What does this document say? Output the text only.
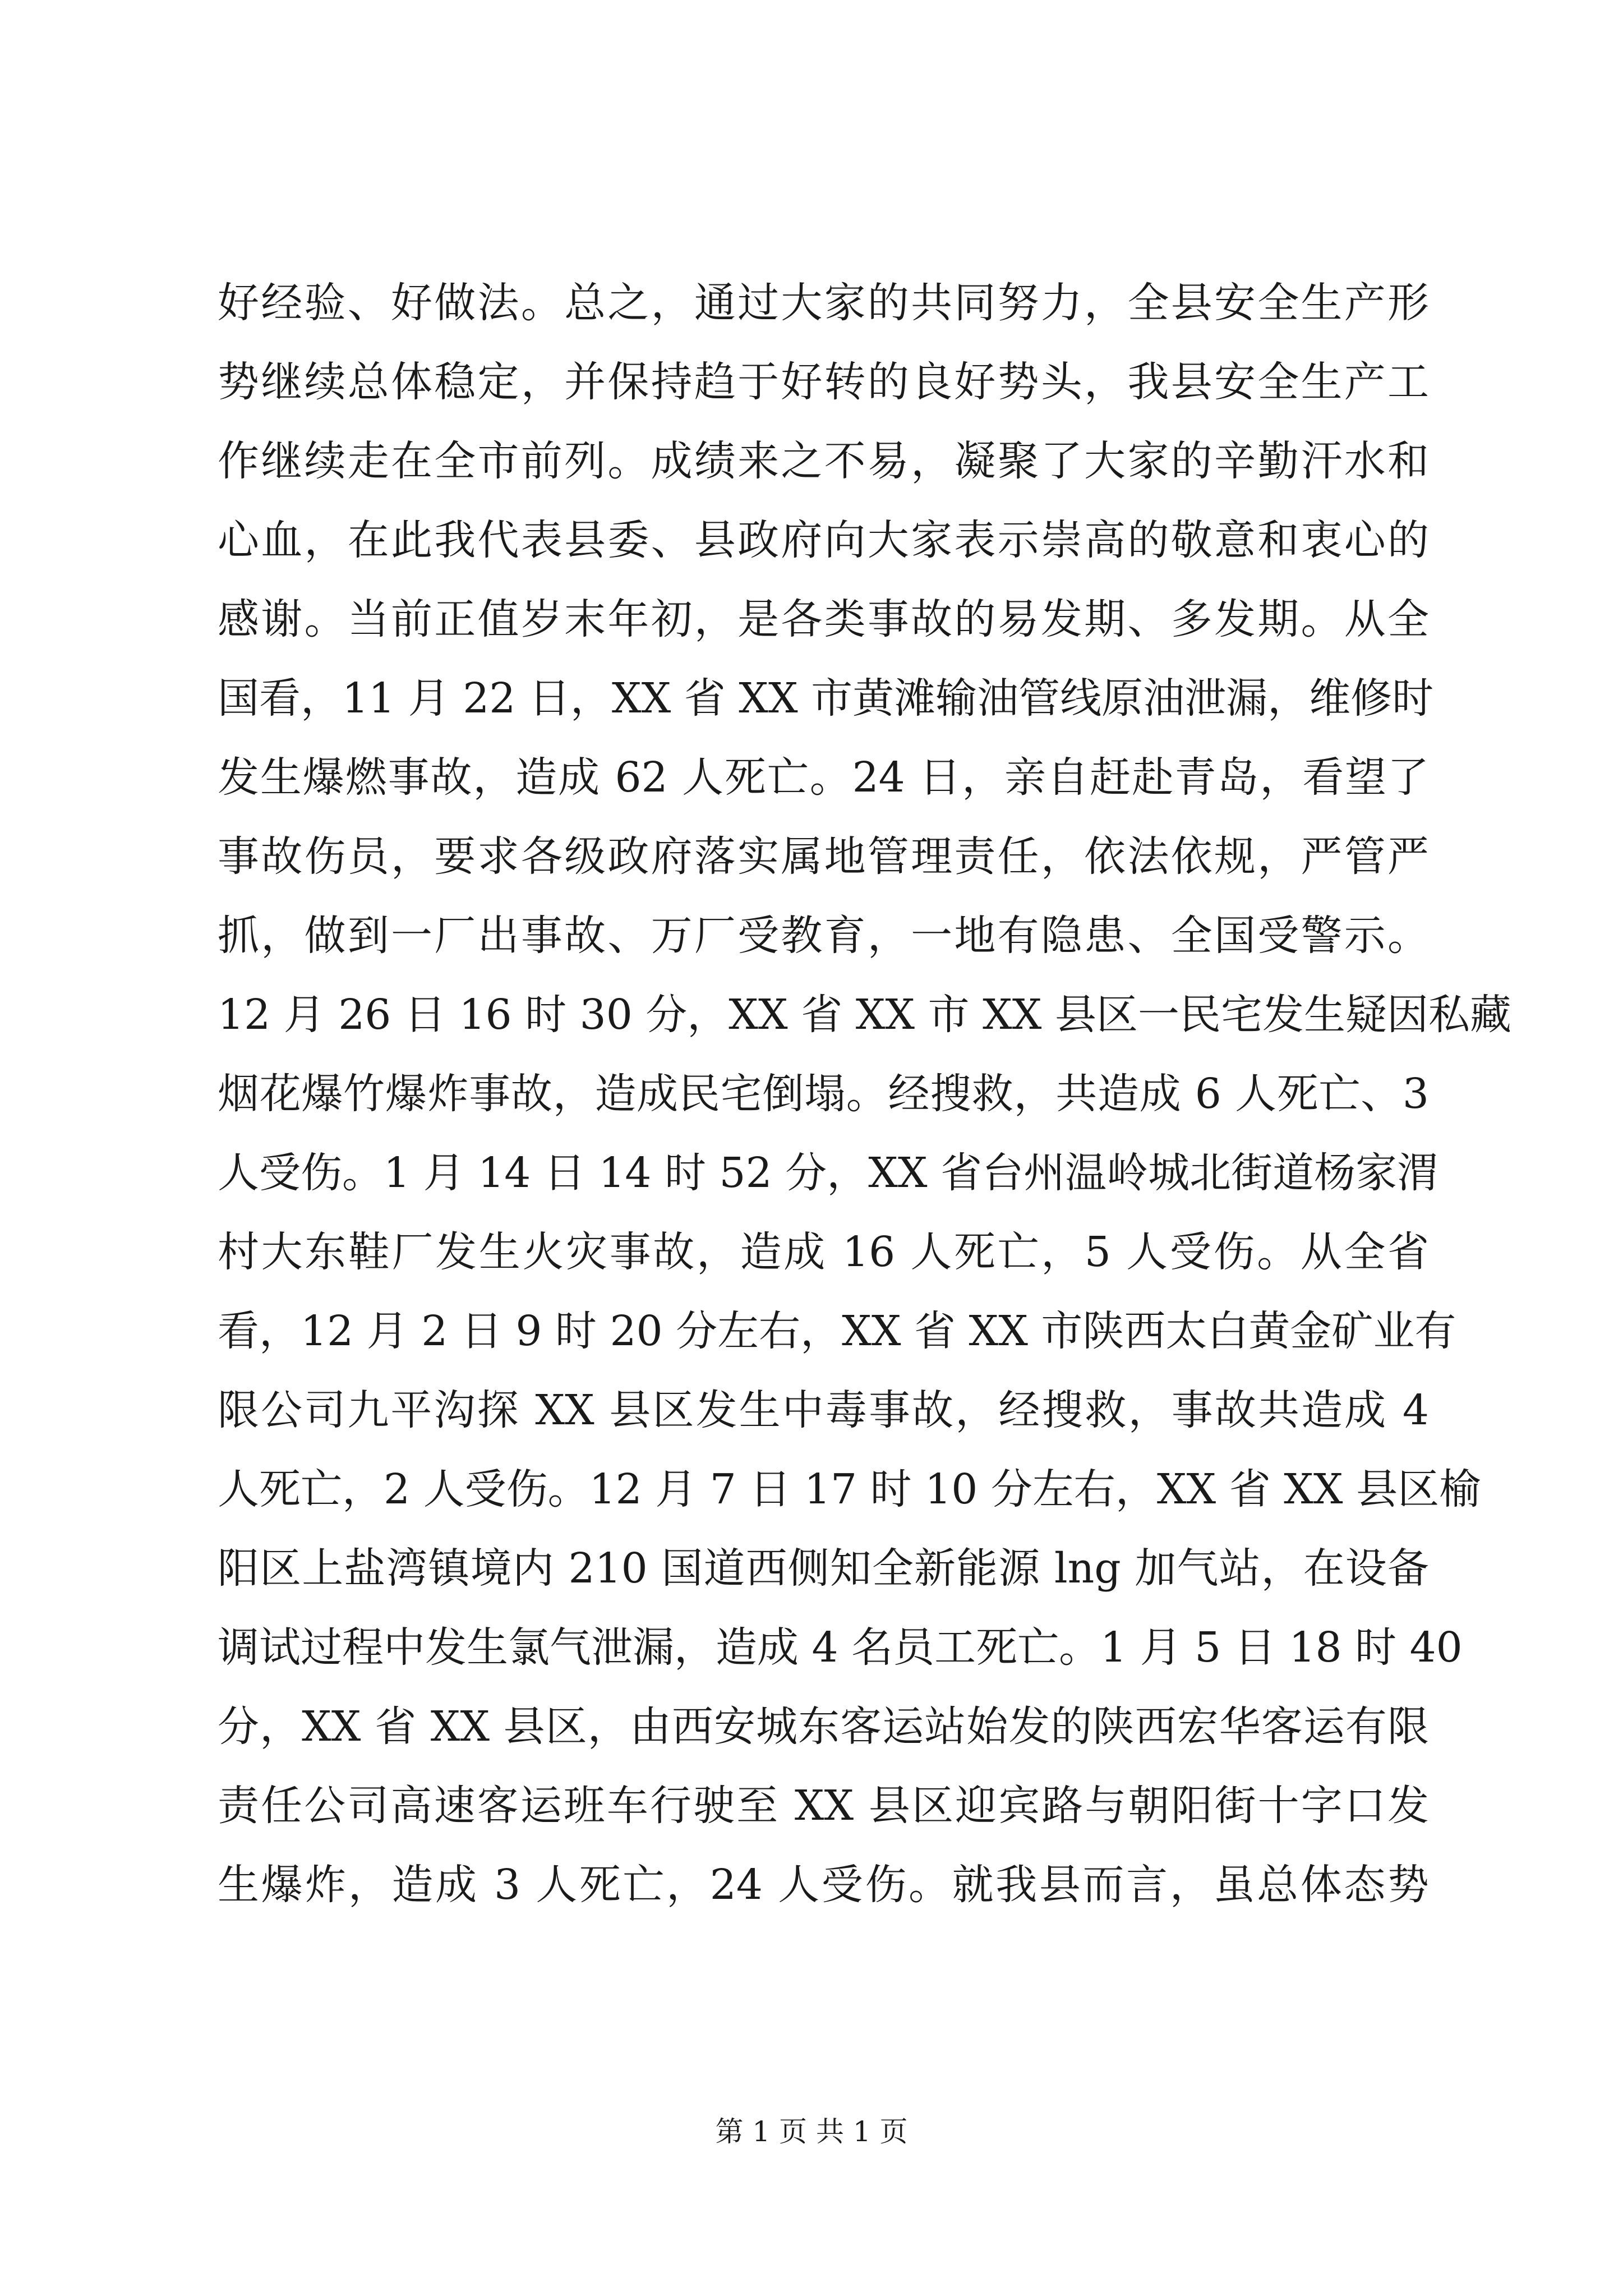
好经验、好做法。总之，通过大家的共同努力，全县安全生产形
势继续总体稳定，并保持趋于好转的良好势头，我县安全生产工
作继续走在全市前列。成绩来之不易，凝聚了大家的辛勤汗水和
心血，在此我代表县委、县政府向大家表示崇高的敬意和衷心的
感谢。当前正值岁末年初，是各类事故的易发期、多发期。从全
国看，11 月 22 日，XX 省 XX 市黄滩输油管线原油泄漏，维修时
发生爆燃事故，造成 62 人死亡。24 日，亲自赶赴青岛，看望了
事故伤员，要求各级政府落实属地管理责任，依法依规，严管严
抓，做到一厂出事故、万厂受教育，一地有隐患、全国受警示。
12 月 26 日 16 时 30 分，XX 省 XX 市 XX 县区一民宅发生疑因私藏
烟花爆竹爆炸事故，造成民宅倒塌。经搜救，共造成 6 人死亡、3
人受伤。1 月 14 日 14 时 52 分，XX 省台州温岭城北街道杨家渭
村大东鞋厂发生火灾事故，造成 16 人死亡，5 人受伤。从全省
看，12 月 2 日 9 时 20 分左右，XX 省 XX 市陕西太白黄金矿业有
限公司九平沟探 XX 县区发生中毒事故，经搜救，事故共造成 4
人死亡，2 人受伤。12 月 7 日 17 时 10 分左右，XX 省 XX 县区榆
阳区上盐湾镇境内 210 国道西侧知全新能源 lng 加气站，在设备
调试过程中发生氯气泄漏，造成 4 名员工死亡。1 月 5 日 18 时 40
分，XX 省 XX 县区，由西安城东客运站始发的陕西宏华客运有限
责任公司高速客运班车行驶至 XX 县区迎宾路与朝阳街十字口发
生爆炸，造成 3 人死亡，24 人受伤。就我县而言，虽总体态势
第 1 页 共 1 页
